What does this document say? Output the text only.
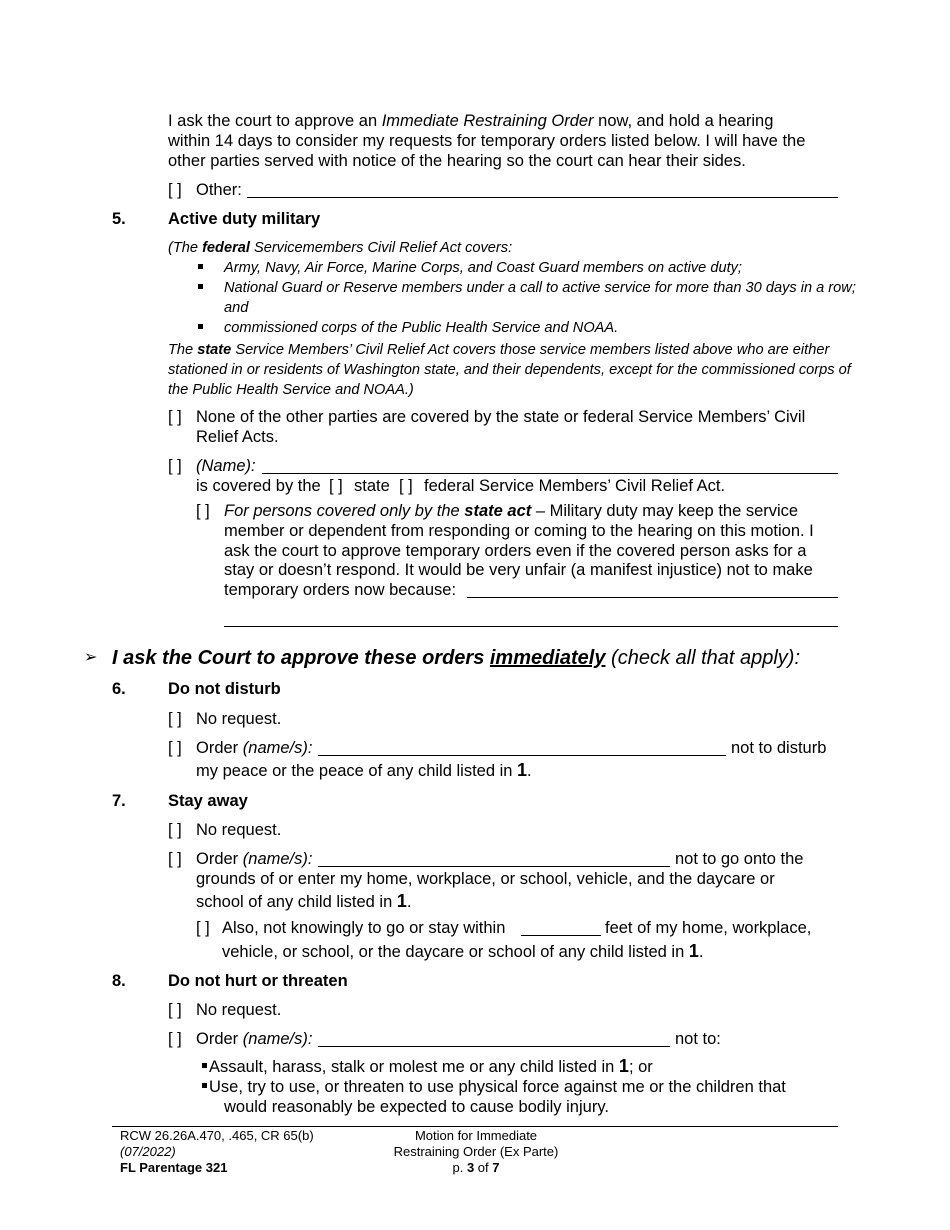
I ask the court to approve an Immediate Restraining Order now, and hold a hearing
within 14 days to consider my requests for temporary orders listed below. I will have the
other parties served with notice of the hearing so the court can hear their sides.
[ ] Other:
5.	Active duty military
(The federal Servicemembers Civil Relief Act covers:
Army, Navy, Air Force, Marine Corps, and Coast Guard members on active duty;
National Guard or Reserve members under a call to active service for more than 30 days in a row;
and
commissioned corps of the Public Health Service and NOAA.
The state Service Members’ Civil Relief Act covers those service members listed above who are either
stationed in or residents of Washington state, and their dependents, except for the commissioned corps of
the Public Health Service and NOAA.)
[ ] None of the other parties are covered by the state or federal Service Members’ Civil
Relief Acts.
[ ] (Name):
is covered by the [ ] state [ ] federal Service Members’ Civil Relief Act.
[ ] For persons covered only by the state act – Military duty may keep the service
member or dependent from responding or coming to the hearing on this motion. I
ask the court to approve temporary orders even if the covered person asks for a
stay or doesn’t respond. It would be very unfair (a manifest injustice) not to make
temporary orders now because:
➢ I ask the Court to approve these orders immediately (check all that apply):
6.	Do not disturb
[ ] No request.
[ ] Order (name/s):	not to disturb
my peace or the peace of any child listed in 1.
7.	Stay away
[ ] No request.
[ ] Order (name/s):	not to go onto the
grounds of or enter my home, workplace, or school, vehicle, and the daycare or
school of any child listed in 1.
[ ] Also, not knowingly to go or stay within	feet of my home, workplace,
vehicle, or school, or the daycare or school of any child listed in 1.
8.	Do not hurt or threaten
[ ] No request.
[ ] Order (name/s):	not to:
Assault, harass, stalk or molest me or any child listed in 1; or
Use, try to use, or threaten to use physical force against me or the children that
would reasonably be expected to cause bodily injury.
RCW 26.26A.470, .465, CR 65(b)
(07/2022)
FL Parentage 321
Motion for Immediate
Restraining Order (Ex Parte)
p. 3 of 7
